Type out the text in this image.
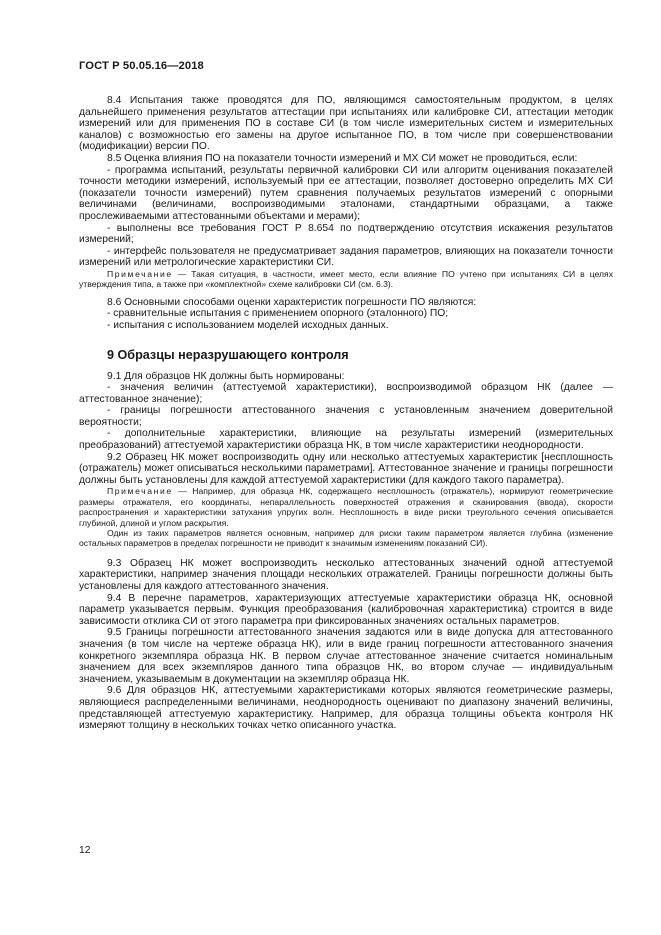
ГОСТ Р 50.05.16—2018

8.4 Испытания также проводятся для ПО, являющимся самостоятельным продуктом, в целях дальнейшего применения результатов аттестации при испытаниях или калибровке СИ, аттестации методик измерений или для применения ПО в составе СИ (в том числе измерительных систем и измерительных каналов) с возможностью его замены на другое испытанное ПО, в том числе при совершенствовании (модификации) версии ПО.

8.5 Оценка влияния ПО на показатели точности измерений и МХ СИ может не проводиться, если:

- программа испытаний, результаты первичной калибровки СИ или алгоритм оценивания показателей точности методики измерений, используемый при ее аттестации, позволяет достоверно определить МХ СИ (показатели точности измерений) путем сравнения получаемых результатов измерений с опорными величинами (величинами, воспроизводимыми эталонами, стандартными образцами, а также прослеживаемыми аттестованными объектами и мерами);

- выполнены все требования ГОСТ Р 8.654 по подтверждению отсутствия искажения результатов измерений;

- интерфейс пользователя не предусматривает задания параметров, влияющих на показатели точности измерений или метрологические характеристики СИ.

Примечание — Такая ситуация, в частности, имеет место, если влияние ПО учтено при испытаниях СИ в целях утверждения типа, а также при «комплектной» схеме калибровки СИ (см. 6.3).

8.6 Основными способами оценки характеристик погрешности ПО являются:

- сравнительные испытания с применением опорного (эталонного) ПО;

- испытания с использованием моделей исходных данных.

9 Образцы неразрушающего контроля

9.1 Для образцов НК должны быть нормированы:

- значения величин (аттестуемой характеристики), воспроизводимой образцом НК (далее — аттестованное значение);

- границы погрешности аттестованного значения с установленным значением доверительной вероятности;

- дополнительные характеристики, влияющие на результаты измерений (измерительных преобразований) аттестуемой характеристики образца НК, в том числе характеристики неоднородности.

9.2 Образец НК может воспроизводить одну или несколько аттестуемых характеристик [несплошность (отражатель) может описываться несколькими параметрами]. Аттестованное значение и границы погрешности должны быть установлены для каждой аттестуемой характеристики (для каждого такого параметра).

Примечание — Например, для образца НК, содержащего несплошность (отражатель), нормируют геометрические размеры отражателя, его координаты, непараллельность поверхностей отражения и сканирования (ввода), скорости распространения и характеристики затухания упругих волн. Несплошность в виде риски треугольного сечения описывается глубиной, длиной и углом раскрытия.

Один из таких параметров является основным, например для риски таким параметром является глубина (изменение остальных параметров в пределах погрешности не приводит к значимым изменениям показаний СИ).

9.3 Образец НК может воспроизводить несколько аттестованных значений одной аттестуемой характеристики, например значения площади нескольких отражателей. Границы погрешности должны быть установлены для каждого аттестованного значения.

9.4 В перечне параметров, характеризующих аттестуемые характеристики образца НК, основной параметр указывается первым. Функция преобразования (калибровочная характеристика) строится в виде зависимости отклика СИ от этого параметра при фиксированных значениях остальных параметров.

9.5 Границы погрешности аттестованного значения задаются или в виде допуска для аттестованного значения (в том числе на чертеже образца НК), или в виде границ погрешности аттестованного значения конкретного экземпляра образца НК. В первом случае аттестованное значение считается номинальным значением для всех экземпляров данного типа образцов НК, во втором случае — индивидуальным значением, указываемым в документации на экземпляр образца НК.

9.6 Для образцов НК, аттестуемыми характеристиками которых являются геометрические размеры, являющиеся распределенными величинами, неоднородность оценивают по диапазону значений величины, представляющей аттестуемую характеристику. Например, для образца толщины объекта контроля НК измеряют толщину в нескольких точках четко описанного участка.

12
